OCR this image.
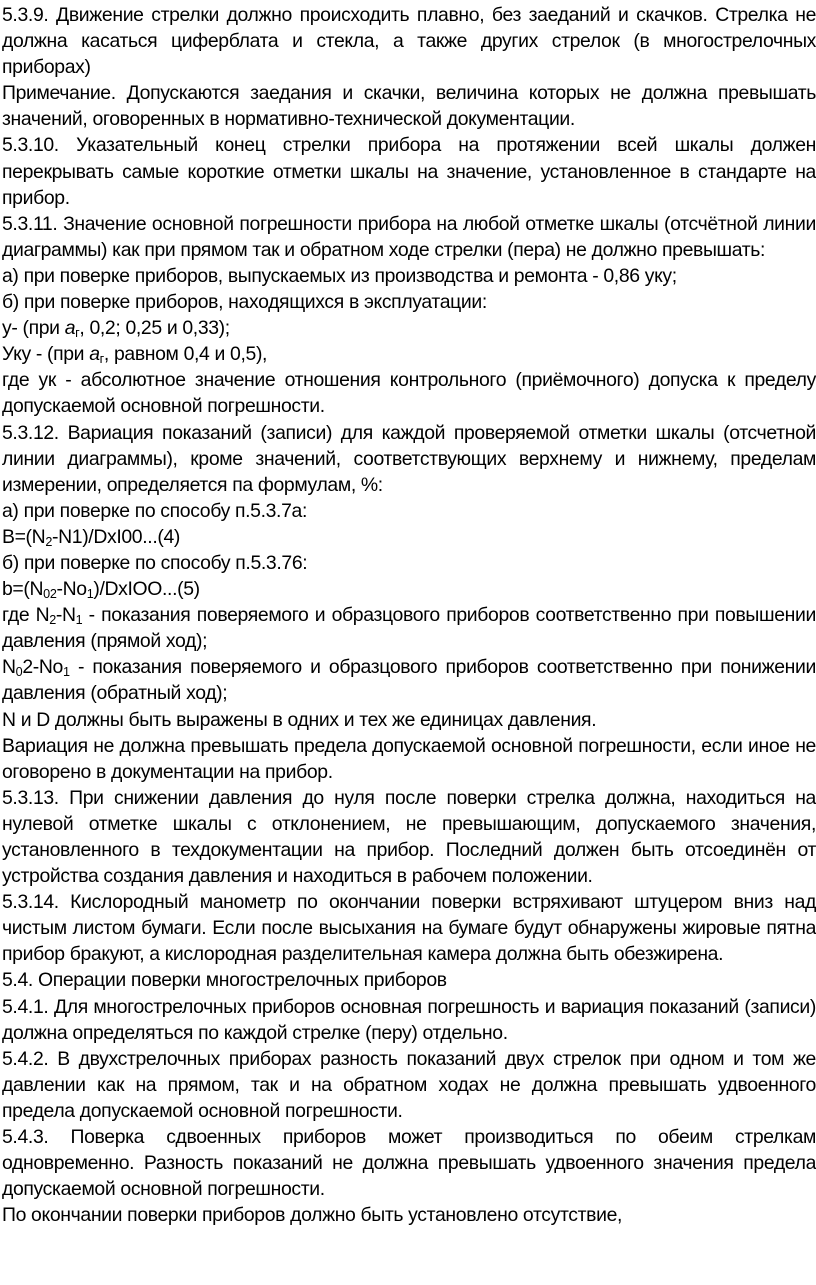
5.3.9. Движение стрелки должно происходить плавно, без заеданий и скачков. Стрелка не должна касаться циферблата и стекла, а также других стрелок (в многострелочных приборах)

Примечание. Допускаются заедания и скачки, величина которых не должна превышать значений, оговоренных в нормативно-технической документации.

5.3.10. Указательный конец стрелки прибора на протяжении всей шкалы должен перекрывать самые короткие отметки шкалы на значение, установленное в стандарте на прибор.

5.3.11. Значение основной погрешности прибора на любой отметке шкалы (отсчётной линии диаграммы) как при прямом так и обратном ходе стрелки (пера) не должно превышать:

а) при поверке приборов, выпускаемых из производства и ремонта - 0,86 уку;

б) при поверке приборов, находящихся в эксплуатации:

у- (при $а_г$, 0,2; 0,25 и 0,33);

Уку - (при $а_г$, равном 0,4 и 0,5),

где ук - абсолютное значение отношения контрольного (приёмочного) допуска к пределу допускаемой основной погрешности.

5.3.12. Вариация показаний (записи) для каждой проверяемой отметки шкалы (отсчетной линии диаграммы), кроме значений, соответствующих верхнему и нижнему, пределам измерении, определяется па формулам, %:

а) при поверке по способу п.5.3.7а:

$B=(N_2-N1)/DxI00...(4)$

б) при поверке по способу п.5.3.76:

$b=(N_{02}-No_1)/DxIOO...(5)$

где $N_2-N_1$ - показания поверяемого и образцового приборов соответственно при повышении давления (прямой ход);

$N_02-No_1$ - показания поверяемого и образцового приборов соответственно при понижении давления (обратный ход);

N и D должны быть выражены в одних и тех же единицах давления.

Вариация не должна превышать предела допускаемой основной погрешности, если иное не оговорено в документации на прибор.

5.3.13. При снижении давления до нуля после поверки стрелка должна, находиться на нулевой отметке шкалы с отклонением, не превышающим, допускаемого значения, установленного в техдокументации на прибор. Последний должен быть отсоединён от устройства создания давления и находиться в рабочем положении.

5.3.14. Кислородный манометр по окончании поверки встряхивают штуцером вниз над чистым листом бумаги. Если после высыхания на бумаге будут обнаружены жировые пятна прибор бракуют, а кислородная разделительная камера должна быть обезжирена.

5.4. Операции поверки многострелочных приборов

5.4.1. Для многострелочных приборов основная погрешность и вариация показаний (записи) должна определяться по каждой стрелке (перу) отдельно.

5.4.2. В двухстрелочных приборах разность показаний двух стрелок при одном и том же давлении как на прямом, так и на обратном ходах не должна превышать удвоенного предела допускаемой основной погрешности.

5.4.3. Поверка сдвоенных приборов может производиться по обеим стрелкам одновременно. Разность показаний не должна превышать удвоенного значения предела допускаемой основной погрешности.

По окончании поверки приборов должно быть установлено отсутствие,
